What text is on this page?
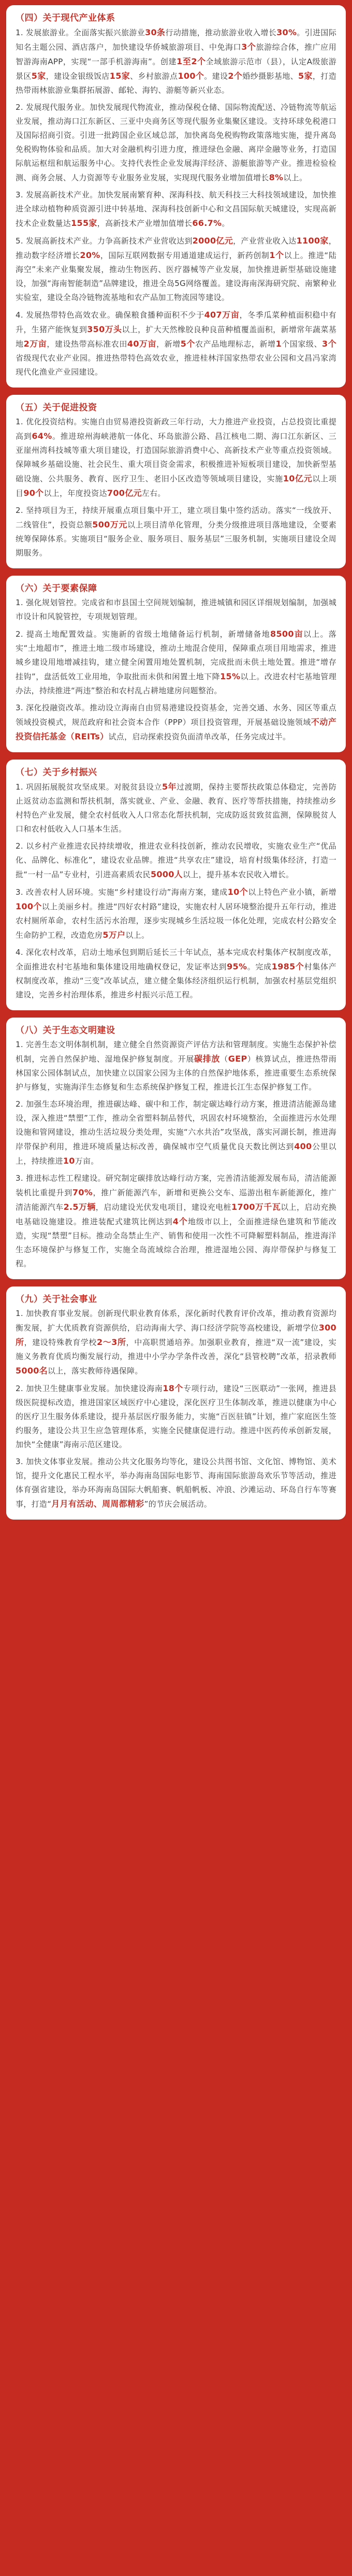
（四）关于现代产业体系

1. 发展旅游业。全面落实振兴旅游业30条行动措施，推动旅游业收入增长30%。引进国际知名主题公园、酒店落户，加快建设华侨城旅游项目、中免海口3个旅游综合体，推广应用智游海南APP，实现“一部手机游海南”。创建1至2个全域旅游示范市（县），认定A级旅游景区5家，建设金银级饭店15家、乡村旅游点100个。建设2个婚纱摄影基地、5家，打造热带雨林旅游业集群拓展游、邮轮、海钓、游艇等新兴业态。

2. 发展现代服务业。加快发展现代物流业，推动保税仓储、国际物流配送、冷链物流等航运业发展，推动海口江东新区、三亚中央商务区等现代服务业集聚区建设。支持环球免税港口及国际招商引资。引进一批跨国企业区域总部，加快离岛免税购物政策落地实施，提升离岛免税购物体验和品质。加大对金融机构引进力度，推进绿色金融、离岸金融等业务，打造国际航运枢纽和航运服务中心。支持代表性企业发展海洋经济、游艇旅游等产业。推进检验检测、商务会展、人力资源等专业服务业发展，实现现代服务业增加值增长8%以上。

3. 发展高新技术产业。加快发展南繁育种、深海科技、航天科技三大科技领域建设，加快推进全球动植物种质资源引进中转基地、深海科技创新中心和文昌国际航天城建设，实现高新技术企业数量达155家，高新技术产业增加值增长66.7%。

5. 发展高新技术产业。力争高新技术产业营收达到2000亿元，产业营业收入达1100家，推动数字经济增长20%，国际互联网数据专用通道建成运行，新药创制1个以上。推进“陆海空”未来产业集聚发展，推动生物医药、医疗器械等产业发展，加快推进新型基础设施建设，加强“海南智能制造”品牌建设，推进全岛5G网络覆盖。建设海南深海研究院、南繁种业实验室，建设全岛冷链物流基地和农产品加工物流园等建设。

4. 发展热带特色高效农业。确保粮食播种面积不少于407万亩，冬季瓜菜种植面积稳中有升，生猪产能恢复到350万头以上，扩大天然橡胶良种良苗种植覆盖面积，新增常年蔬菜基地2万亩，建设热带高标准农田40万亩，新增5个农产品地理标志，新增1个国家级、3个省级现代农业产业园。推进热带特色高效农业，推进桂林洋国家热带农业公园和文昌冯家湾现代化渔业产业园建设。

（五）关于促进投资

1. 优化投资结构。实施自由贸易港投资新政三年行动，大力推进产业投资，占总投资比重提高到64%。推进琼州海峡港航一体化、环岛旅游公路、昌江核电二期、海口江东新区、三亚崖州湾科技城等重大项目建设，打造国际旅游消费中心、高新技术产业等重点投资领域。保障城乡基础设施、社会民生、重大项目资金需求，积极推进补短板项目建设，加快新型基础设施、公共服务、教育、医疗卫生、老旧小区改造等领域项目建设，实施10亿元以上项目90个以上，年度投资达700亿元左右。

2. 坚持项目为王，持续开展重点项目集中开工，建立项目集中签约活动。落实“一线放开、二线管住”，投资总额500万元以上项目清单化管理，分类分级推进项目落地建设，全要素统筹保障体系。实施项目“服务企业、服务项目、服务基层”三服务机制，实施项目建设全周期服务。

（六）关于要素保障

1. 强化规划管控。完成省和市县国土空间规划编制，推进城镇和园区详细规划编制，加强城市设计和风貌管控，专项规划管理。

2. 提高土地配置效益。实施新的省级土地储备运行机制，新增储备地8500亩以上。落实“土地超市”，推进土地二级市场建设，推动土地混合使用，保障重点项目用地需求，推进城乡建设用地增减挂钩，建立健全闲置用地处置机制，完成批而未供土地处置。推进“增存挂钩”，盘活低效工业用地，争取批而未供和闲置土地下降15%以上。改进农村宅基地管理办法，持续推进“两违”整治和农村乱占耕地建房问题整治。

3. 深化投融资改革。推动设立海南自由贸易港建设投资基金，完善交通、水务、园区等重点领域投资模式，规范政府和社会资本合作（PPP）项目投资管理，开展基础设施领域不动产投资信托基金（REITs）试点，启动探索投资负面清单改革，任务完成过半。

（七）关于乡村振兴

1. 巩固拓展脱贫攻坚成果。对脱贫县设立5年过渡期，保持主要帮扶政策总体稳定，完善防止返贫动态监测和帮扶机制，落实就业、产业、金融、教育、医疗等帮扶措施，持续推动乡村特色产业发展，健全农村低收入人口常态化帮扶机制，完成防返贫致贫监测，保障脱贫人口和农村低收入人口基本生活。

2. 以乡村产业推进农民持续增收，推进农业科技创新，推动农民增收，实施农业生产“优品化、品牌化、标准化”，建设农业品牌。推进“共享农庄”建设，培育村级集体经济，打造一批“一村一品”专业村，引进高素质农民5000人以上，提升基本农民收入增长。

3. 改善农村人居环境。实施“乡村建设行动”海南方案，建成10个以上特色产业小镇，新增100个以上美丽乡村。推进“四好农村路”建设，实施农村人居环境整治提升五年行动，推进农村厕所革命，农村生活污水治理，逐步实现城乡生活垃圾一体化处理，完成农村公路安全生命防护工程，改造危房5万户以上。

4. 深化农村改革，启动土地承包到期后延长三十年试点，基本完成农村集体产权制度改革，全面推进农村宅基地和集体建设用地确权登记，发证率达到95%。完成1985个村集体产权制度改革，推动“三变”改革试点，建立健全集体经济组织运行机制，加强农村基层党组织建设，完善乡村治理体系，推进乡村振兴示范工程。

（八）关于生态文明建设

1. 完善生态文明体制机制，建立健全自然资源资产评估方法和管理制度。实施生态保护补偿机制，完善自然保护地、湿地保护修复制度。开展碳排放（GEP）核算试点，推进热带雨林国家公园体制试点，加快建立以国家公园为主体的自然保护地体系，推进重要生态系统保护与修复，实施海洋生态修复和生态系统保护修复工程，推进长江生态保护修复工作。

2. 加强生态环境治理，推进碳达峰、碳中和工作，制定碳达峰行动方案，推进清洁能源岛建设，深入推进“禁塑”工作，推动全省塑料制品替代，巩固农村环境整治，全面推进污水处理设施和管网建设，推动生活垃圾分类处理，实施“六水共治”攻坚战，落实河湖长制，推进海岸带保护利用，推进环境质量达标改善，确保城市空气质量优良天数比例达到400公里以上，持续推进10万亩。

3. 推进标志性工程建设。研究制定碳排放达峰行动方案，完善清洁能源发展布局，清洁能源装机比重提升到70%，推广新能源汽车，新增和更换公交车、巡游出租车新能源化，推广清洁能源汽车2.5万辆，启动建设光伏发电项目，建设充电桩1700万千瓦以上，启动充换电基础设施建设。推进装配式建筑比例达到4个地级市以上，全面推进绿色建筑和节能改造，实现“禁塑”目标。推动全岛禁止生产、销售和使用一次性不可降解塑料制品，推进海洋生态环境保护与修复工作，实施全岛流域综合治理，推进湿地公园、海岸带保护与修复工程。

（九）关于社会事业

1. 加快教育事业发展。创新现代职业教育体系，深化新时代教育评价改革，推动教育资源均衡发展，扩大优质教育资源供给，启动海南大学、海口经济学院等高校建设，新增学位300所，建设特殊教育学校2～3所，中高职贯通培养。加强职业教育，推进“双一流”建设，实施义务教育优质均衡发展行动，推进中小学办学条件改善，深化“县管校聘”改革，招录教师5000名以上，落实教师待遇保障。

2. 加快卫生健康事业发展。加快建设海南18个专项行动，建设“三医联动”一张网，推进县级医院提标改造，推进国家区域医疗中心建设，深化医疗卫生体制改革，推进以健康为中心的医疗卫生服务体系建设，提升基层医疗服务能力，实施“百医驻镇”计划，推广家庭医生签约服务，建设公共卫生应急管理体系，实施全民健康促进行动。推进中医药传承创新发展，加快“全健康”海南示范区建设。

3. 加快文体事业发展。推动公共文化服务均等化，建设公共图书馆、文化馆、博物馆、美术馆，提升文化惠民工程水平，举办海南岛国际电影节、海南国际旅游岛欢乐节等活动，推进体育强省建设，举办环海南岛国际大帆船赛、帆船帆板、冲浪、沙滩运动、环岛自行车等赛事，打造“月月有活动、周周都精彩”的节庆会展活动。
